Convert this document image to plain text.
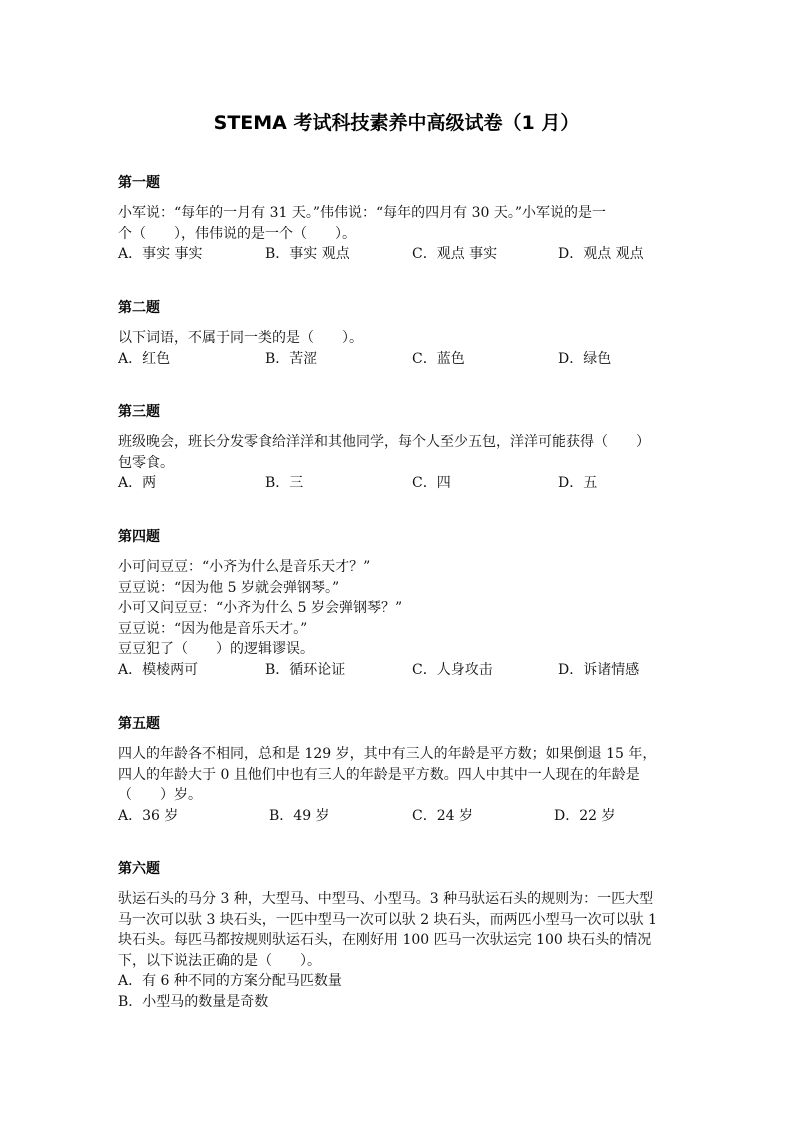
STEMA 考试科技素养中高级试卷（1 月）
第一题
小军说：“每年的一月有 31 天。”伟伟说：“每年的四月有 30 天。”小军说的是一
个（　　），伟伟说的是一个（　　）。
A．事实 事实	B．事实 观点	C．观点 事实	D．观点 观点
第二题
以下词语，不属于同一类的是（　　）。
A．红色	B．苦涩	C．蓝色	D．绿色
第三题
班级晚会，班长分发零食给洋洋和其他同学，每个人至少五包，洋洋可能获得（　　）
包零食。
A．两	B．三	C．四	D．五
第四题
小可问豆豆：“小齐为什么是音乐天才？”
豆豆说：“因为他 5 岁就会弹钢琴。”
小可又问豆豆：“小齐为什么 5 岁会弹钢琴？”
豆豆说：“因为他是音乐天才。”
豆豆犯了（　　）的逻辑谬误。
A．模棱两可	B．循环论证	C．人身攻击	D．诉诸情感
第五题
四人的年龄各不相同，总和是 129 岁，其中有三人的年龄是平方数；如果倒退 15 年，
四人的年龄大于 0 且他们中也有三人的年龄是平方数。四人中其中一人现在的年龄是
（　　）岁。
A．36 岁	B．49 岁	C．24 岁	D．22 岁
第六题
驮运石头的马分 3 种，大型马、中型马、小型马。3 种马驮运石头的规则为：一匹大型
马一次可以驮 3 块石头，一匹中型马一次可以驮 2 块石头，而两匹小型马一次可以驮 1
块石头。每匹马都按规则驮运石头，在刚好用 100 匹马一次驮运完 100 块石头的情况
下，以下说法正确的是（　　）。
A．有 6 种不同的方案分配马匹数量
B．小型马的数量是奇数
